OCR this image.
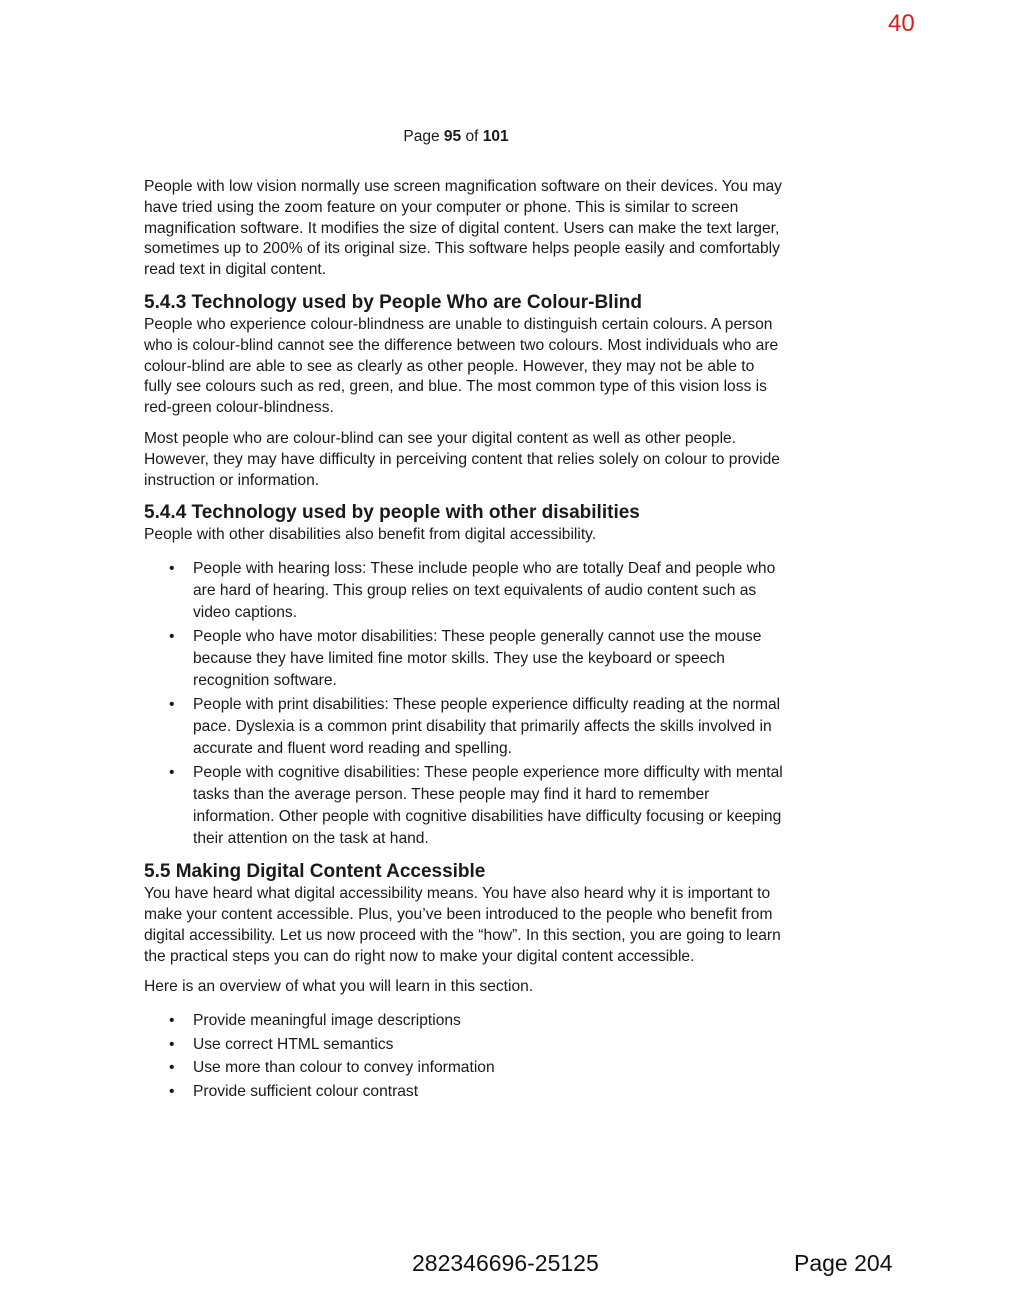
40
Page 95 of 101

People with low vision normally use screen magnification software on their devices. You may have tried using the zoom feature on your computer or phone. This is similar to screen magnification software. It modifies the size of digital content. Users can make the text larger, sometimes up to 200% of its original size. This software helps people easily and comfortably read text in digital content.

5.4.3 Technology used by People Who are Colour-Blind

People who experience colour-blindness are unable to distinguish certain colours. A person who is colour-blind cannot see the difference between two colours. Most individuals who are colour-blind are able to see as clearly as other people. However, they may not be able to fully see colours such as red, green, and blue. The most common type of this vision loss is red-green colour-blindness.

Most people who are colour-blind can see your digital content as well as other people. However, they may have difficulty in perceiving content that relies solely on colour to provide instruction or information.

5.4.4 Technology used by people with other disabilities

People with other disabilities also benefit from digital accessibility.

• People with hearing loss: These include people who are totally Deaf and people who are hard of hearing. This group relies on text equivalents of audio content such as video captions.
• People who have motor disabilities: These people generally cannot use the mouse because they have limited fine motor skills. They use the keyboard or speech recognition software.
• People with print disabilities: These people experience difficulty reading at the normal pace. Dyslexia is a common print disability that primarily affects the skills involved in accurate and fluent word reading and spelling.
• People with cognitive disabilities: These people experience more difficulty with mental tasks than the average person. These people may find it hard to remember information. Other people with cognitive disabilities have difficulty focusing or keeping their attention on the task at hand.
5.5 Making Digital Content Accessible

You have heard what digital accessibility means. You have also heard why it is important to make your content accessible. Plus, you’ve been introduced to the people who benefit from digital accessibility. Let us now proceed with the “how”. In this section, you are going to learn the practical steps you can do right now to make your digital content accessible.

Here is an overview of what you will learn in this section.

• Provide meaningful image descriptions
• Use correct HTML semantics
• Use more than colour to convey information
• Provide sufficient colour contrast
282346696-25125	Page 204
